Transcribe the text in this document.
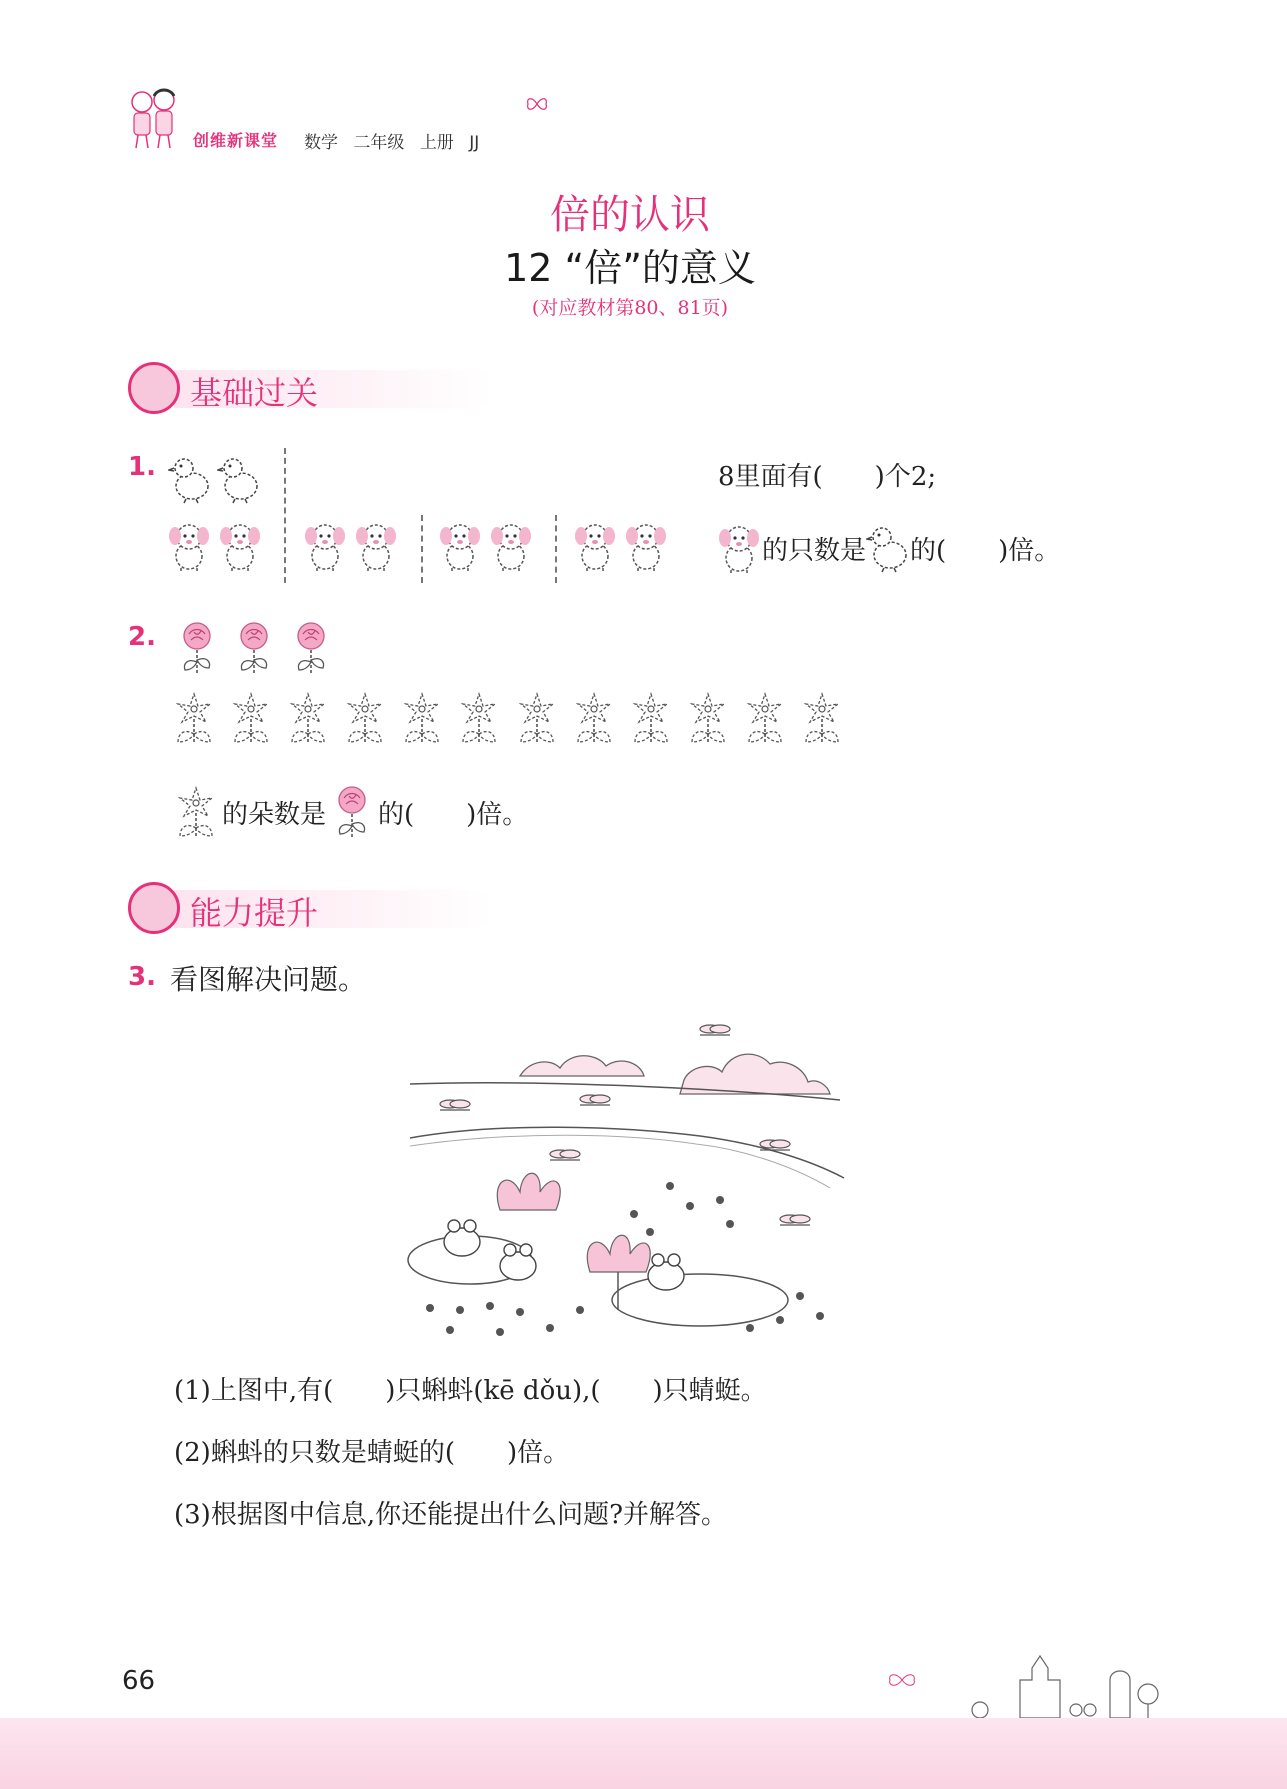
创维新课堂 数学 二年级 上册 JJ
倍的认识
12 “倍”的意义
(对应教材第80、81页)
基础过关
1.

	8里面有(　　)个2;
的只数是 的(　　)倍。
2.

的朵数是 的(　　)倍。
能力提升
3. 看图解决问题。
(1)上图中,有(　　)只蝌蚪(kē dǒu),(　　)只蜻蜓。
(2)蝌蚪的只数是蜻蜓的(　　)倍。
(3)根据图中信息,你还能提出什么问题?并解答。
66
